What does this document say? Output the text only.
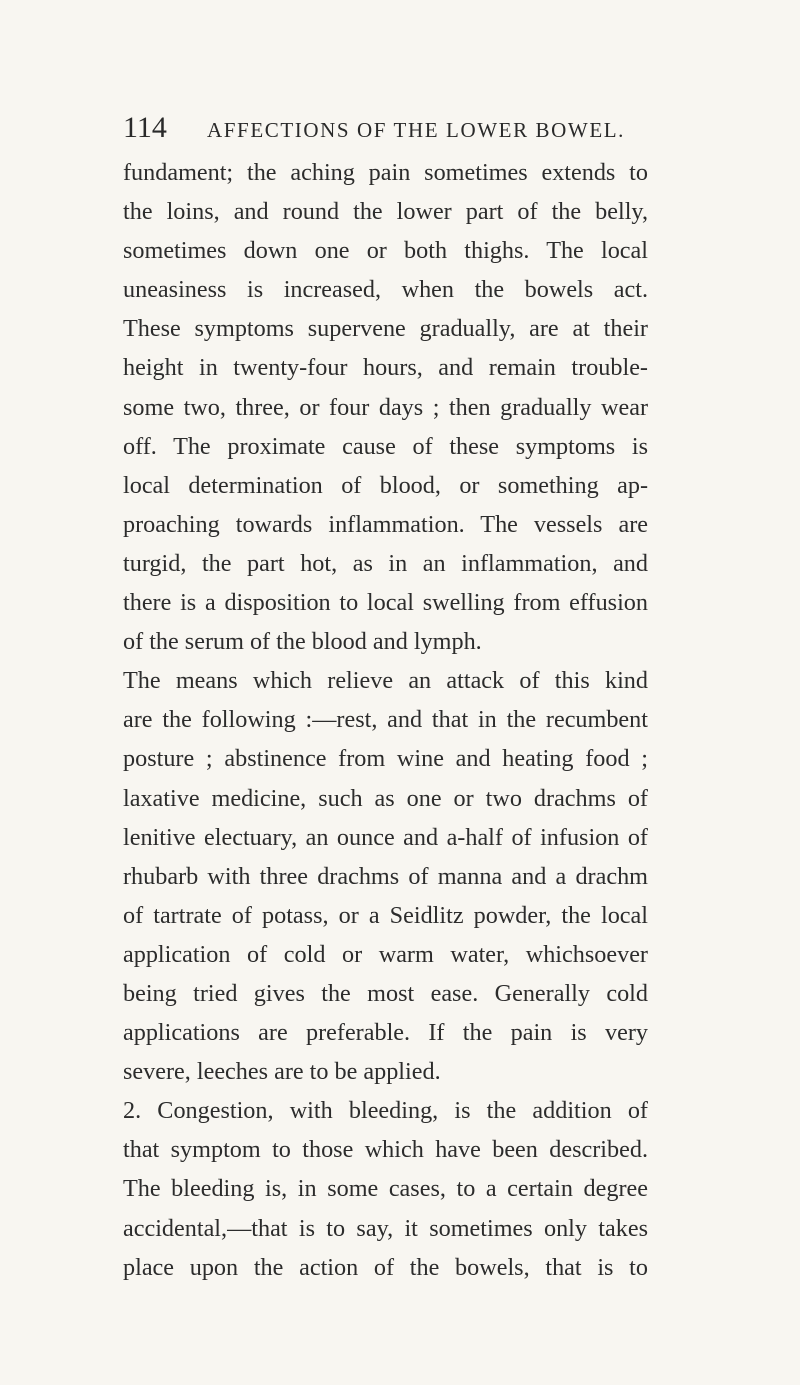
114 AFFECTIONS OF THE LOWER BOWEL.
fundament; the aching pain sometimes extends to
the loins, and round the lower part of the belly,
sometimes down one or both thighs. The local
uneasiness is increased, when the bowels act.
These symptoms supervene gradually, are at their
height in twenty-four hours, and remain trouble-
some two, three, or four days ; then gradually wear
off. The proximate cause of these symptoms is
local determination of blood, or something ap-
proaching towards inflammation. The vessels are
turgid, the part hot, as in an inflammation, and
there is a disposition to local swelling from effusion
of the serum of the blood and lymph.
The means which relieve an attack of this kind
are the following :—rest, and that in the recumbent
posture ; abstinence from wine and heating food ;
laxative medicine, such as one or two drachms of
lenitive electuary, an ounce and a-half of infusion of
rhubarb with three drachms of manna and a drachm
of tartrate of potass, or a Seidlitz powder, the local
application of cold or warm water, whichsoever
being tried gives the most ease. Generally cold
applications are preferable. If the pain is very
severe, leeches are to be applied.
2. Congestion, with bleeding, is the addition of
that symptom to those which have been described.
The bleeding is, in some cases, to a certain degree
accidental,—that is to say, it sometimes only takes
place upon the action of the bowels, that is to
